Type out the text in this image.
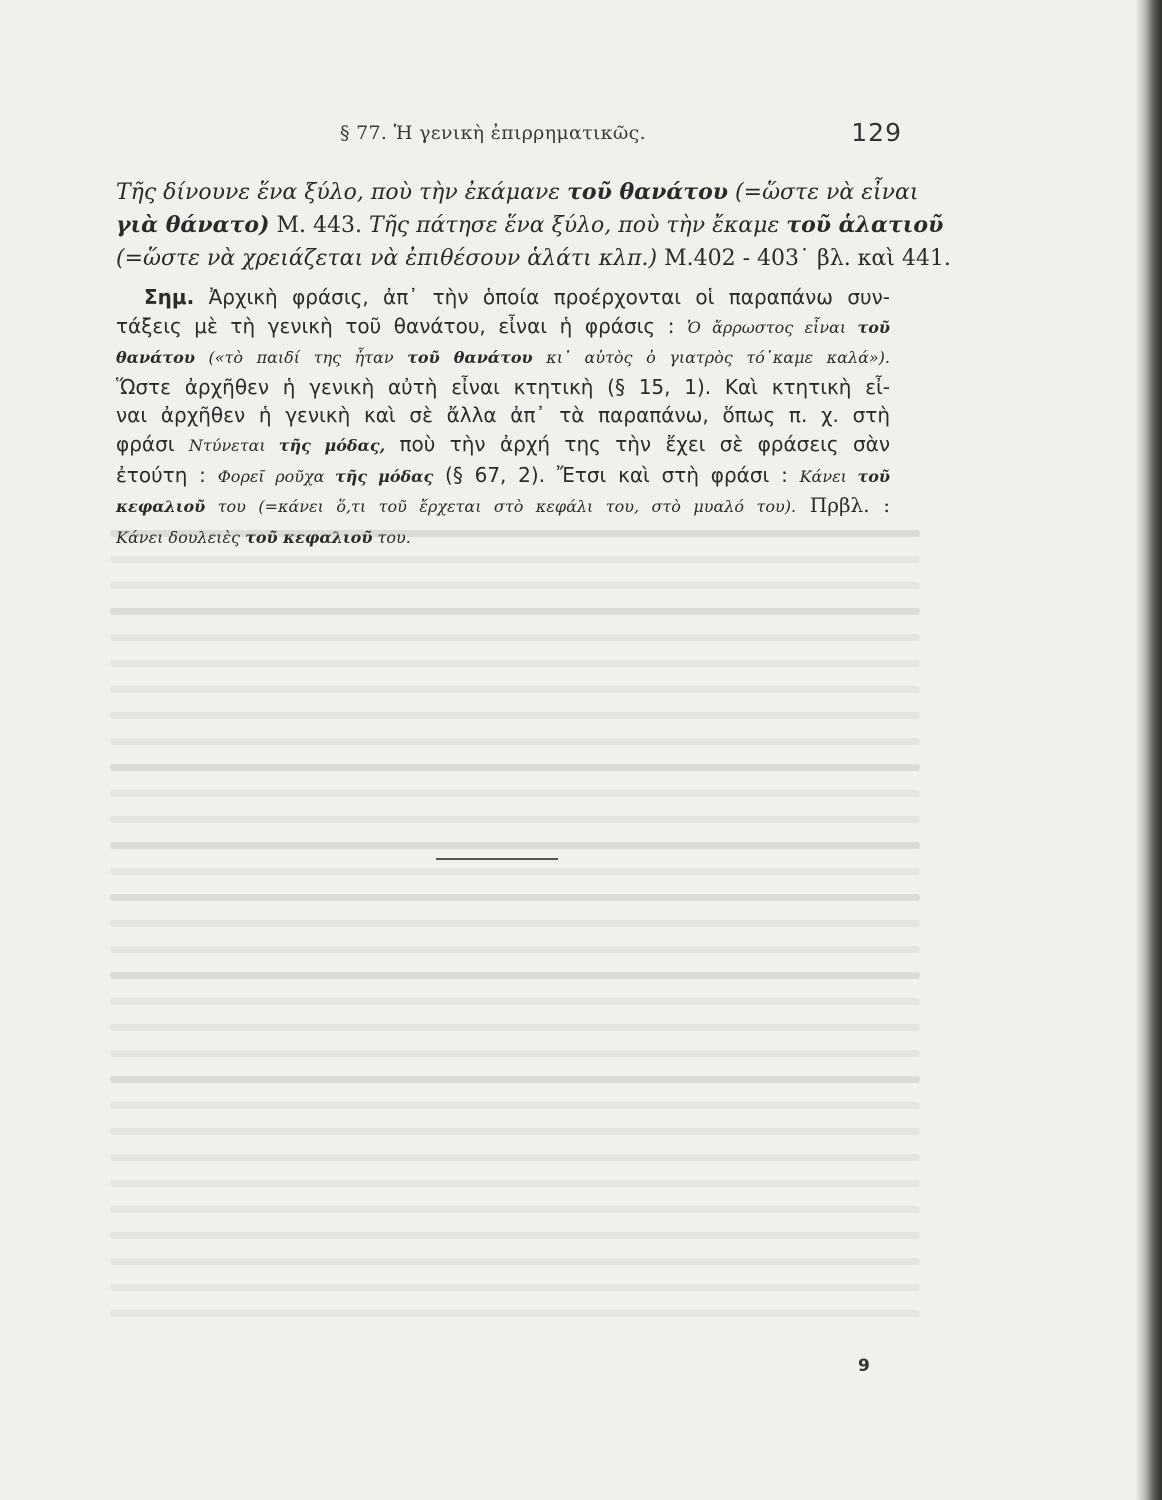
§ 77. Ἡ γενικὴ ἐπιρρηματικῶς.	129
Τῆς δίνουνε ἕνα ξύλο, ποὺ τὴν ἐκάμανε τοῦ θανάτου (=ὥστε νὰ εἶναι
γιὰ θάνατο) Μ. 443. Τῆς πάτησε ἕνα ξύλο, ποὺ τὴν ἔκαμε τοῦ ἁλατιοῦ
(=ὥστε νὰ χρειάζεται νὰ ἐπιθέσουν ἁλάτι κλπ.) Μ.402 - 403˙ βλ. καὶ 441.
Σημ. Ἀρχικὴ φράσις, ἀπ᾿ τὴν ὁποία προέρχονται οἱ παραπάνω συν-
τάξεις μὲ τὴ γενικὴ τοῦ θανάτου, εἶναι ἡ φράσις : Ὁ ἄρρωστος εἶναι τοῦ
θανάτου («τὸ παιδί της ἦταν τοῦ θανάτου κι᾿ αὐτὸς ὁ γιατρὸς τό᾿καμε καλά»).
Ὥστε ἀρχῆθεν ἡ γενικὴ αὐτὴ εἶναι κτητικὴ (§ 15, 1). Καὶ κτητικὴ εἶ-
ναι ἀρχῆθεν ἡ γενικὴ καὶ σὲ ἄλλα ἀπ᾿ τὰ παραπάνω, ὅπως π. χ. στὴ
φράσι Ντύνεται τῆς μόδας, ποὺ τὴν ἀρχή της τὴν ἔχει σὲ φράσεις σὰν
ἐτούτη : Φορεῖ ροῦχα τῆς μόδας (§ 67, 2). Ἔτσι καὶ στὴ φράσι : Κάνει τοῦ
κεφαλιοῦ του (=κάνει ὅ,τι τοῦ ἔρχεται στὸ κεφάλι του, στὸ μυαλό του). Πρβλ. :
Κάνει δουλειὲς τοῦ κεφαλιοῦ του.
9
